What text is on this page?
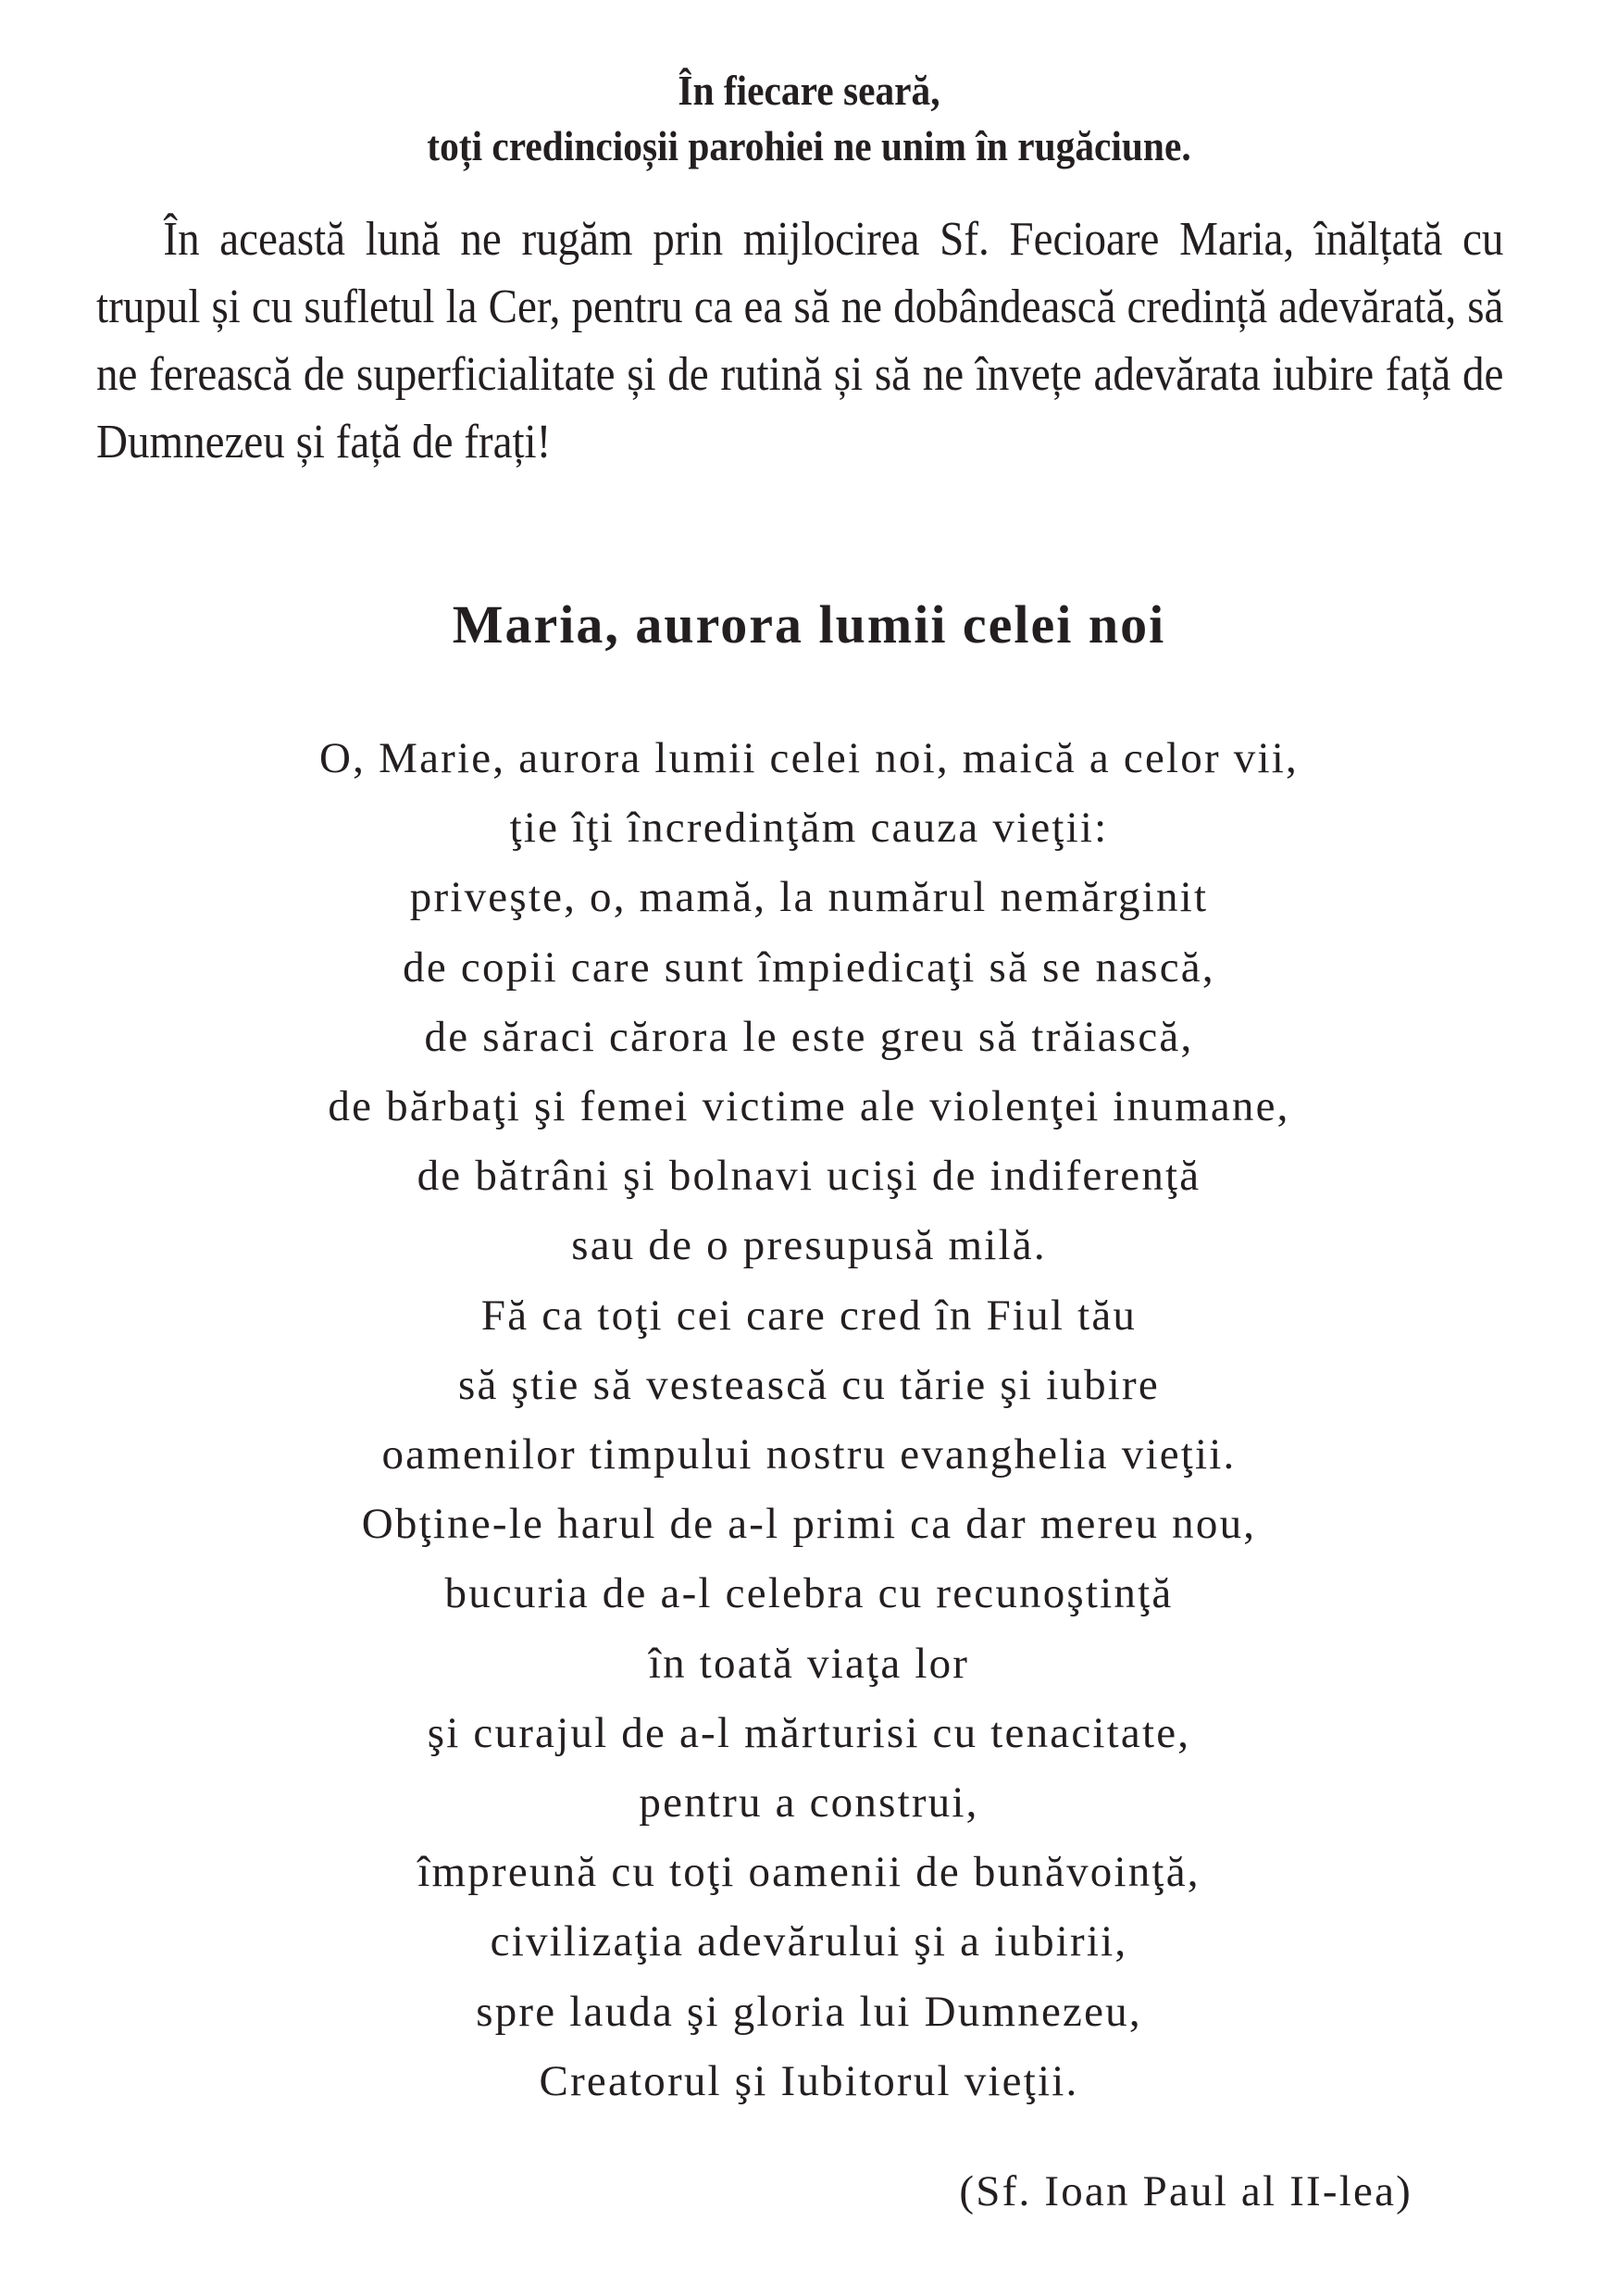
În fiecare seară,
toți credincioșii parohiei ne unim în rugăciune.

În această lună ne rugăm prin mijlocirea Sf. Fecioare Maria, înălțată cu trupul și cu sufletul la Cer, pentru ca ea să ne dobândească credință adevărată, să ne ferească de superficialitate și de rutină și să ne învețe adevărata iubire față de Dumnezeu și față de frați!

Maria, aurora lumii celei noi
O, Marie, aurora lumii celei noi, maică a celor vii,
ţie îţi încredinţăm cauza vieţii:
priveşte, o, mamă, la numărul nemărginit
de copii care sunt împiedicaţi să se nască,
de săraci cărora le este greu să trăiască,
de bărbaţi şi femei victime ale violenţei inumane,
de bătrâni şi bolnavi ucişi de indiferenţă
sau de o presupusă milă.
Fă ca toţi cei care cred în Fiul tău
să ştie să vestească cu tărie şi iubire
oamenilor timpului nostru evanghelia vieţii.
Obţine-le harul de a-l primi ca dar mereu nou,
bucuria de a-l celebra cu recunoştinţă
în toată viaţa lor
şi curajul de a-l mărturisi cu tenacitate,
pentru a construi,
împreună cu toţi oamenii de bunăvoinţă,
civilizaţia adevărului şi a iubirii,
spre lauda şi gloria lui Dumnezeu,
Creatorul şi Iubitorul vieţii.
(Sf. Ioan Paul al II-lea)
